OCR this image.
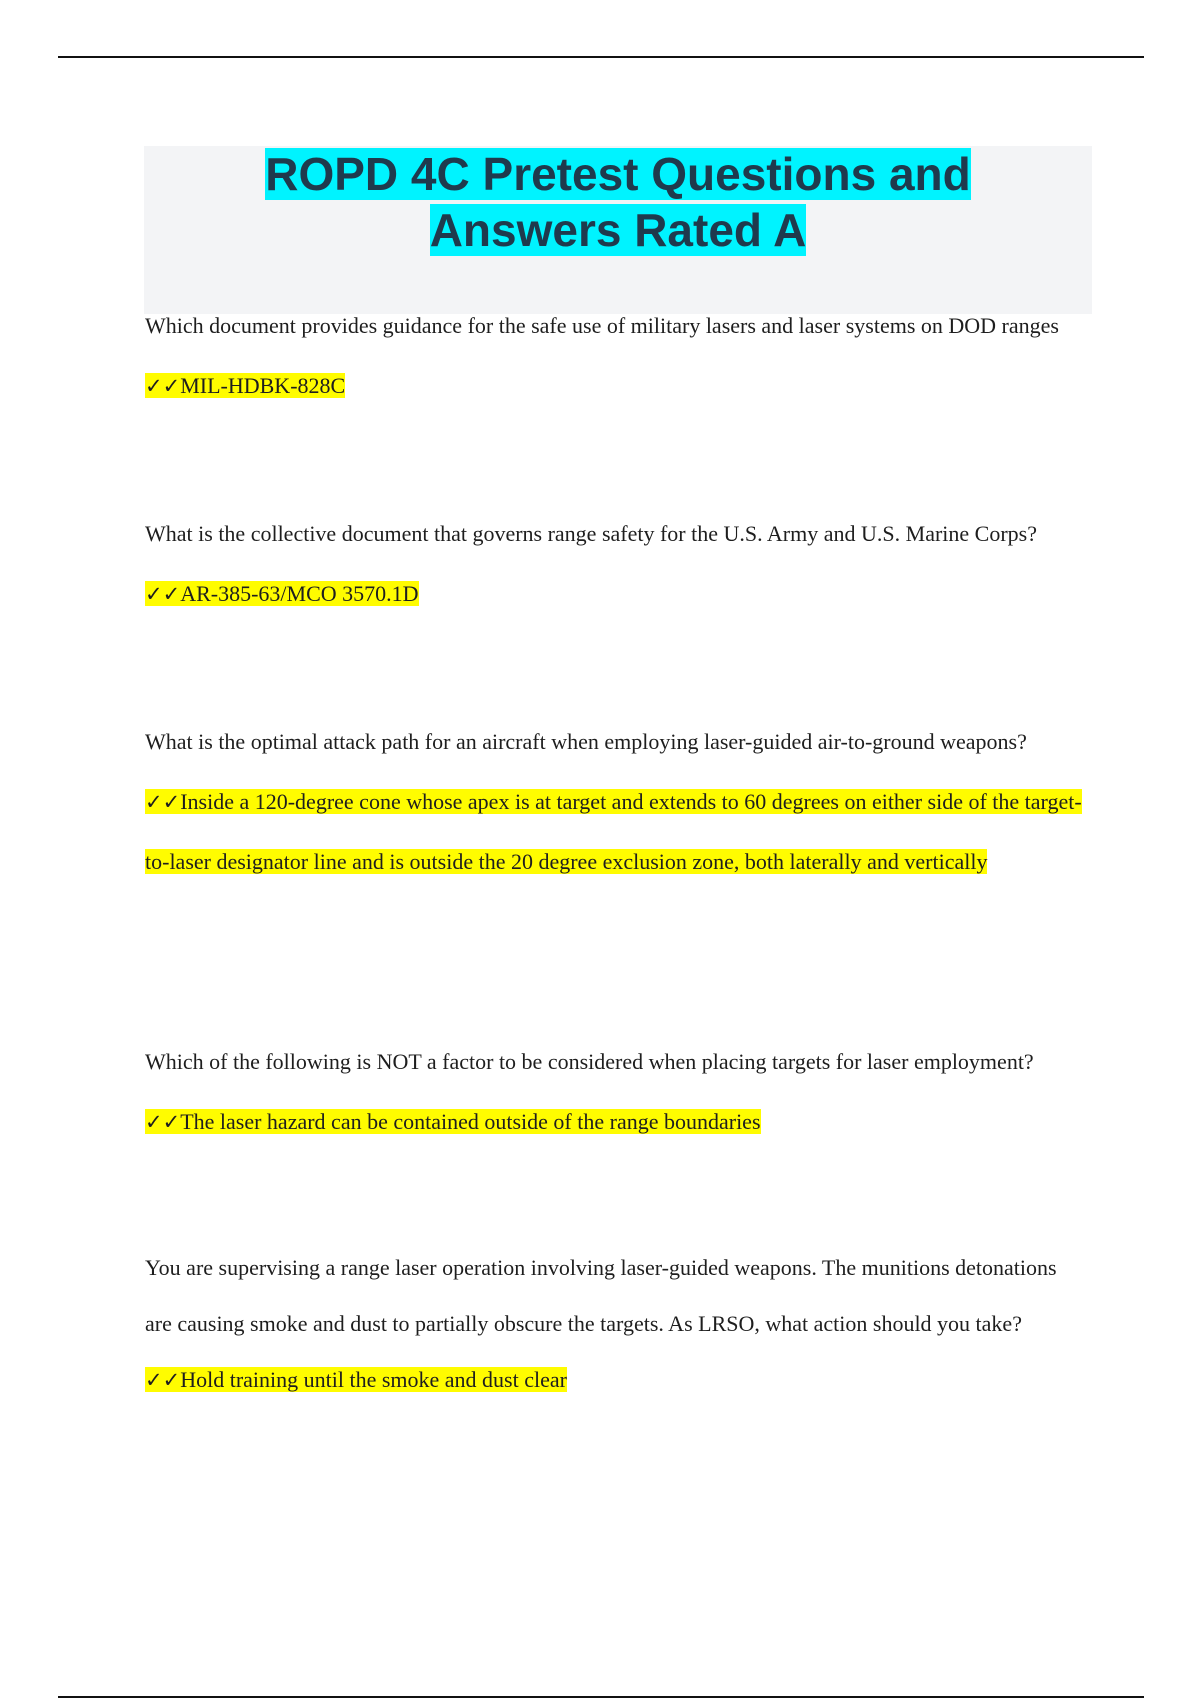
ROPD 4C Pretest Questions and Answers Rated A
Which document provides guidance for the safe use of military lasers and laser systems on DOD ranges ✓✓MIL-HDBK-828C
What is the collective document that governs range safety for the U.S. Army and U.S. Marine Corps? ✓✓AR-385-63/MCO 3570.1D
What is the optimal attack path for an aircraft when employing laser-guided air-to-ground weapons? ✓✓Inside a 120-degree cone whose apex is at target and extends to 60 degrees on either side of the target-to-laser designator line and is outside the 20 degree exclusion zone, both laterally and vertically
Which of the following is NOT a factor to be considered when placing targets for laser employment? ✓✓The laser hazard can be contained outside of the range boundaries
You are supervising a range laser operation involving laser-guided weapons. The munitions detonations are causing smoke and dust to partially obscure the targets. As LRSO, what action should you take? ✓✓Hold training until the smoke and dust clear
